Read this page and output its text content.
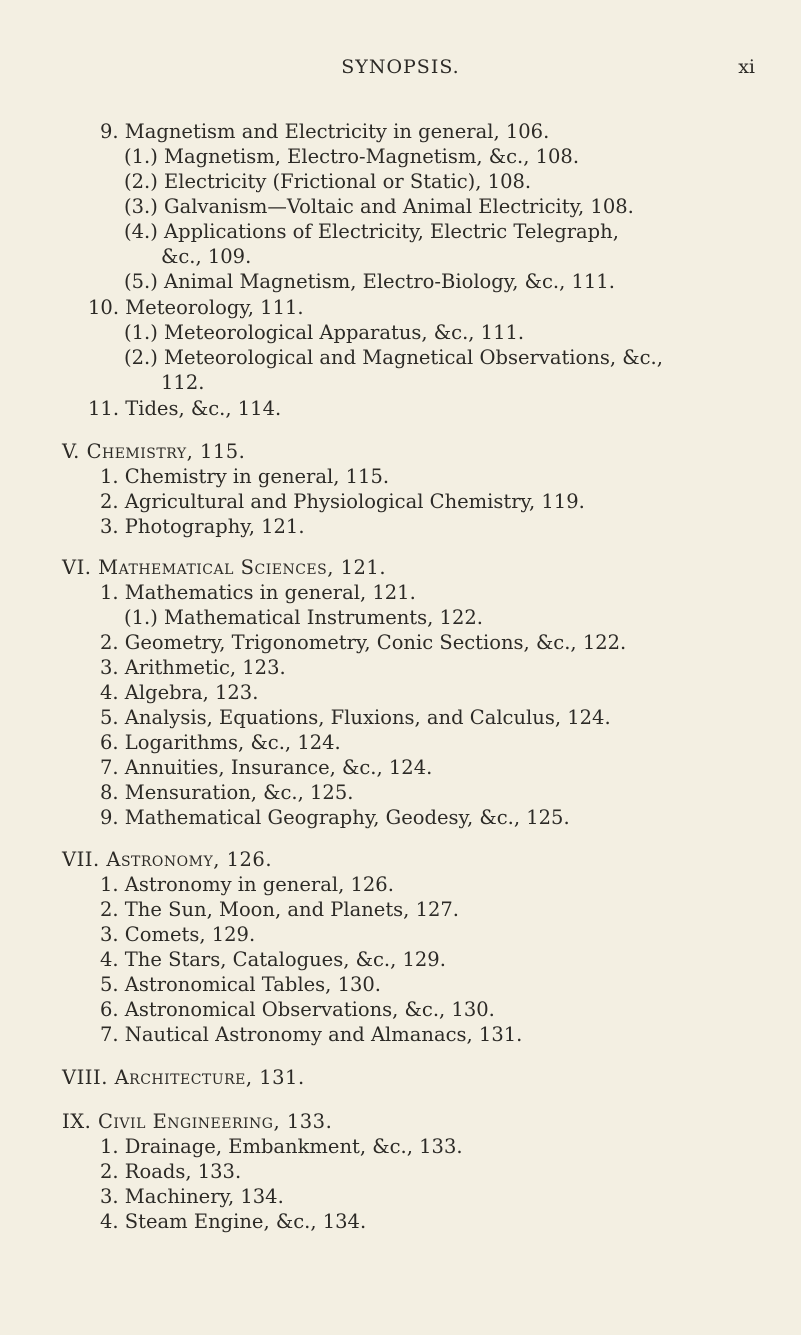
SYNOPSIS.	xi
9. Magnetism and Electricity in general, 106.
(1.) Magnetism, Electro-Magnetism, &c., 108.
(2.) Electricity (Frictional or Static), 108.
(3.) Galvanism—Voltaic and Animal Electricity, 108.
(4.) Applications of Electricity, Electric Telegraph,
&c., 109.
(5.) Animal Magnetism, Electro-Biology, &c., 111.
10. Meteorology, 111.
(1.) Meteorological Apparatus, &c., 111.
(2.) Meteorological and Magnetical Observations, &c.,
112.
11. Tides, &c., 114.
V. Chemistry, 115.
1. Chemistry in general, 115.
2. Agricultural and Physiological Chemistry, 119.
3. Photography, 121.
VI. Mathematical Sciences, 121.
1. Mathematics in general, 121.
(1.) Mathematical Instruments, 122.
2. Geometry, Trigonometry, Conic Sections, &c., 122.
3. Arithmetic, 123.
4. Algebra, 123.
5. Analysis, Equations, Fluxions, and Calculus, 124.
6. Logarithms, &c., 124.
7. Annuities, Insurance, &c., 124.
8. Mensuration, &c., 125.
9. Mathematical Geography, Geodesy, &c., 125.
VII. Astronomy, 126.
1. Astronomy in general, 126.
2. The Sun, Moon, and Planets, 127.
3. Comets, 129.
4. The Stars, Catalogues, &c., 129.
5. Astronomical Tables, 130.
6. Astronomical Observations, &c., 130.
7. Nautical Astronomy and Almanacs, 131.
VIII. Architecture, 131.
IX. Civil Engineering, 133.
1. Drainage, Embankment, &c., 133.
2. Roads, 133.
3. Machinery, 134.
4. Steam Engine, &c., 134.
